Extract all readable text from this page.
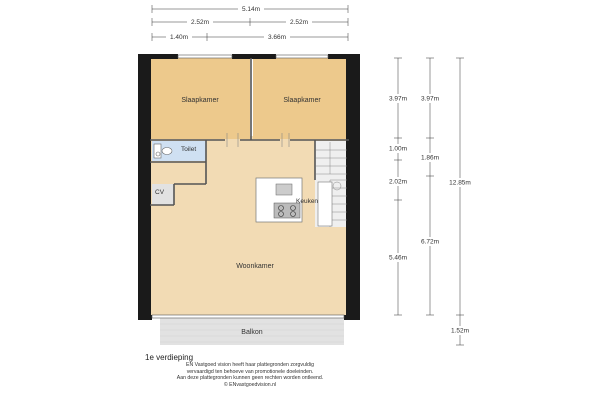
Slaapkamer	Slaapkamer
Toilet
CV
Keuken
Woonkamer
Balkon
5.14m
2.52m	2.52m
1.40m	3.66m
3.97m
1.00m
2.02m
5.46m
3.97m
1.86m
6.72m
12.85m
1.52m
1e verdieping
EN Vastgoed vision heeft haar plattegronden zorgvuldig
vervaardigd ten behoeve van promotionele doeleinden.
Aan deze plattegronden kunnen geen rechten worden ontleend.
© ENvastgoedvision.nl
